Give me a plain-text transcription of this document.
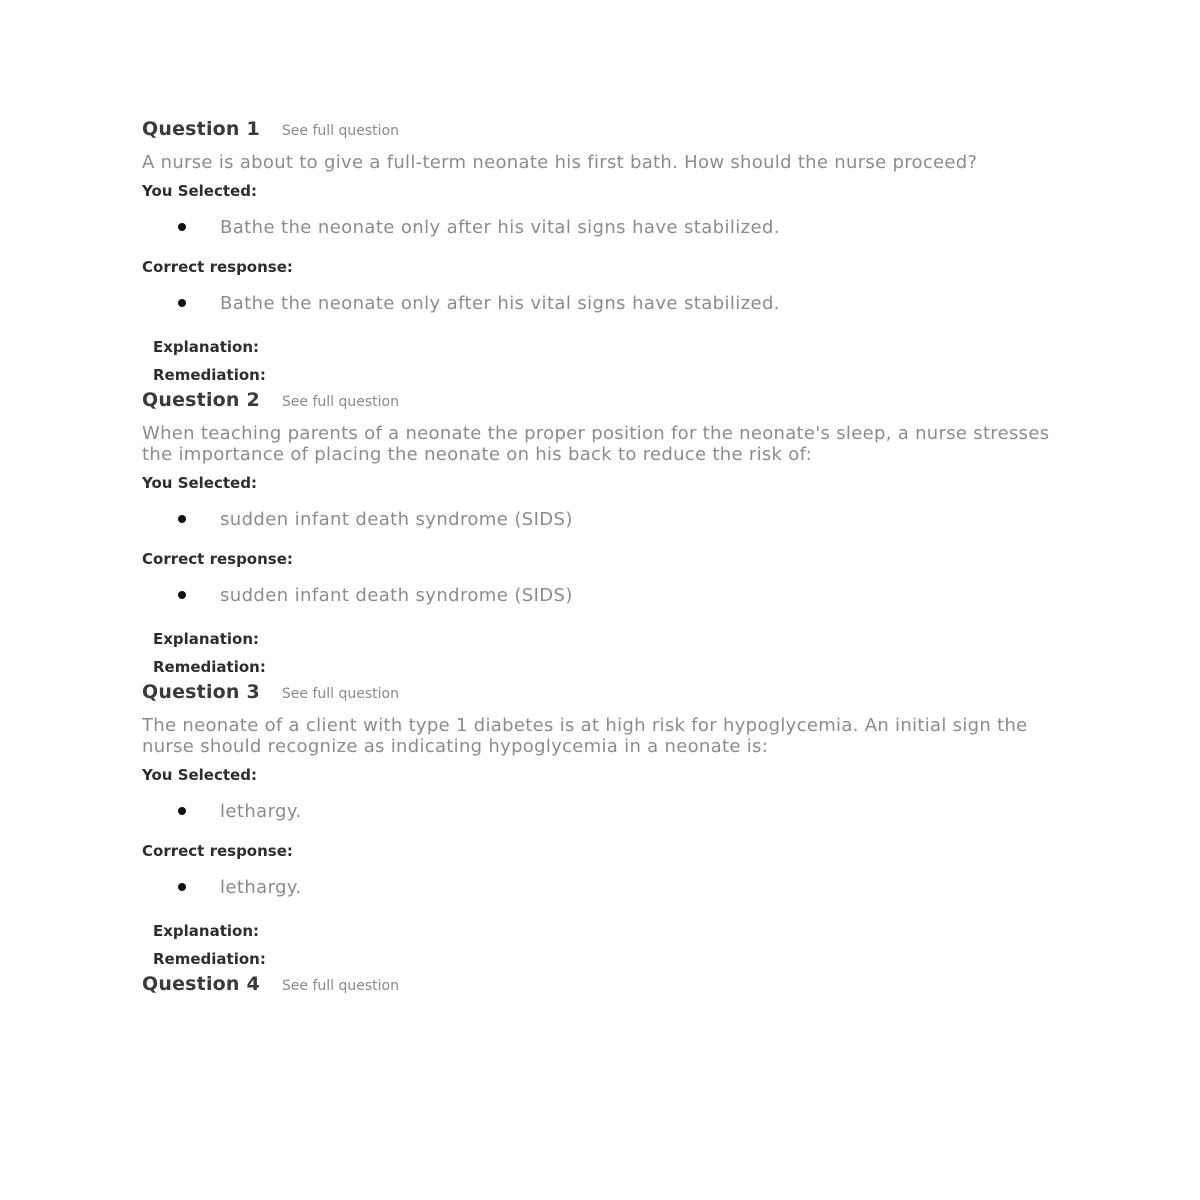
Question 1 See full question
A nurse is about to give a full-term neonate his first bath. How should the nurse proceed?
You Selected:
Bathe the neonate only after his vital signs have stabilized.
Correct response:
Bathe the neonate only after his vital signs have stabilized.
Explanation:
Remediation:
Question 2 See full question
When teaching parents of a neonate the proper position for the neonate's sleep, a nurse stresses the importance of placing the neonate on his back to reduce the risk of:
You Selected:
sudden infant death syndrome (SIDS)
Correct response:
sudden infant death syndrome (SIDS)
Explanation:
Remediation:
Question 3 See full question
The neonate of a client with type 1 diabetes is at high risk for hypoglycemia. An initial sign the nurse should recognize as indicating hypoglycemia in a neonate is:
You Selected:
lethargy.
Correct response:
lethargy.
Explanation:
Remediation:
Question 4 See full question
